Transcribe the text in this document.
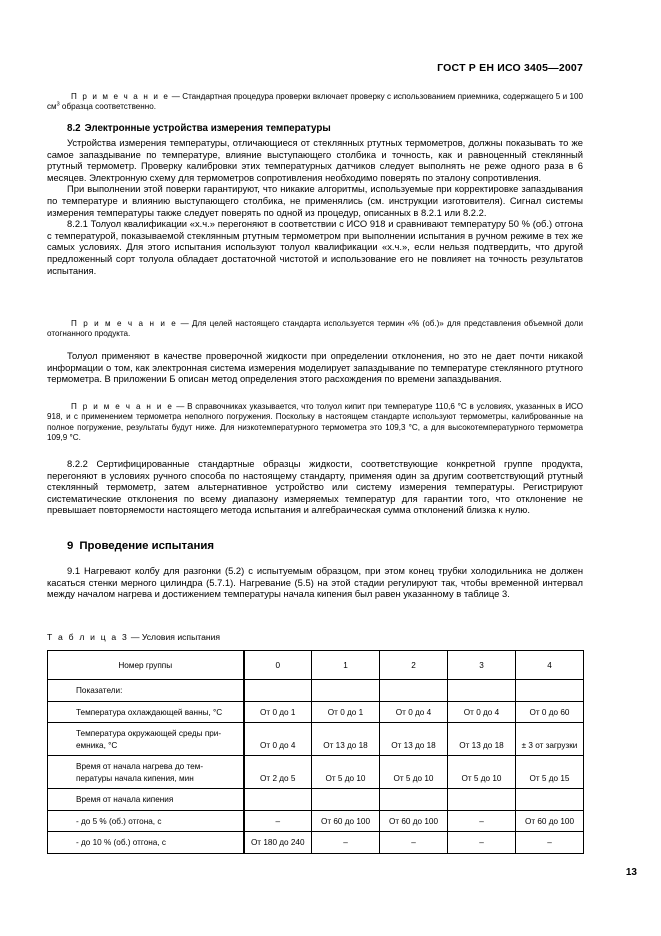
ГОСТ Р ЕН ИСО 3405—2007

П р и м е ч а н и е — Стандартная процедура проверки включает проверку с использованием приемника, содержащего 5 и 100 $см^3$ образца соответственно.

8.2 Электронные устройства измерения температуры

Устройства измерения температуры, отличающиеся от стеклянных ртутных термометров, должны показывать то же самое запаздывание по температуре, влияние выступающего столбика и точность, как и равноценный стеклянный ртутный термометр. Проверку калибровки этих температурных датчиков следует выполнять не реже одного раза в 6 месяцев. Электронную схему для термометров сопротивления необходимо поверять по эталону сопротивления.

При выполнении этой поверки гарантируют, что никакие алгоритмы, используемые при корректировке запаздывания по температуре и влиянию выступающего столбика, не применялись (см. инструкции изготовителя). Сигнал системы измерения температуры также следует поверять по одной из процедур, описанных в 8.2.1 или 8.2.2.

8.2.1 Толуол квалификации «х.ч.» перегоняют в соответствии с ИСО 918 и сравнивают температуру 50 % (об.) отгона с температурой, показываемой стеклянным ртутным термометром при выполнении испытания в ручном режиме в тех же самых условиях. Для этого испытания используют толуол квалификации «х.ч.», если нельзя подтвердить, что другой предложенный сорт толуола обладает достаточной чистотой и использование его не повлияет на точность результатов испытания.

П р и м е ч а н и е — Для целей настоящего стандарта используется термин «% (об.)» для представления объемной доли отогнанного продукта.

Толуол применяют в качестве проверочной жидкости при определении отклонения, но это не дает почти никакой информации о том, как электронная система измерения моделирует запаздывание по температуре стеклянного ртутного термометра. В приложении Б описан метод определения этого расхождения по времени запаздывания.

П р и м е ч а н и е — В справочниках указывается, что толуол кипит при температуре 110,6 °С в условиях, указанных в ИСО 918, и с применением термометра неполного погружения. Поскольку в настоящем стандарте используют термометры, калиброванные на полное погружение, результаты будут ниже. Для низкотемпературного термометра это 109,3 °С, а для высокотемпературного термометра 109,9 °С.

8.2.2 Сертифицированные стандартные образцы жидкости, соответствующие конкретной группе продукта, перегоняют в условиях ручного способа по настоящему стандарту, применяя один за другим соответствующий ртутный стеклянный термометр, затем альтернативное устройство или систему измерения температуры. Регистрируют систематические отклонения по всему диапазону измеряемых температур для гарантии того, что отклонение не превышает повторяемости настоящего метода испытания и алгебраическая сумма отклонений близка к нулю.

9 Проведение испытания

9.1 Нагревают колбу для разгонки (5.2) с испытуемым образцом, при этом конец трубки холодильника не должен касаться стенки мерного цилиндра (5.7.1). Нагревание (5.5) на этой стадии регулируют так, чтобы временной интервал между началом нагрева и достижением температуры начала кипения был равен указанному в таблице 3.

Т а б л и ц а 3 — Условия испытания
Номер группы	0	1	2	3	4

Показатели:					

Температура охлаждающей ванны, °С	От 0 до 1	От 0 до 1	От 0 до 4	От 0 до 4	От 0 до 60

Температура окружающей среды при-
емника, °С	От 0 до 4	От 13 до 18	От 13 до 18	От 13 до 18	± 3 от загрузки

Время от начала нагрева до тем-
пературы начала кипения, мин	От 2 до 5	От 5 до 10	От 5 до 10	От 5 до 10	От 5 до 15

Время от начала кипения					

- до 5 % (об.) отгона, с	–	От 60 до 100	От 60 до 100	–	От 60 до 100

- до 10 % (об.) отгона, с	От 180 до 240	–	–	–	–
13
